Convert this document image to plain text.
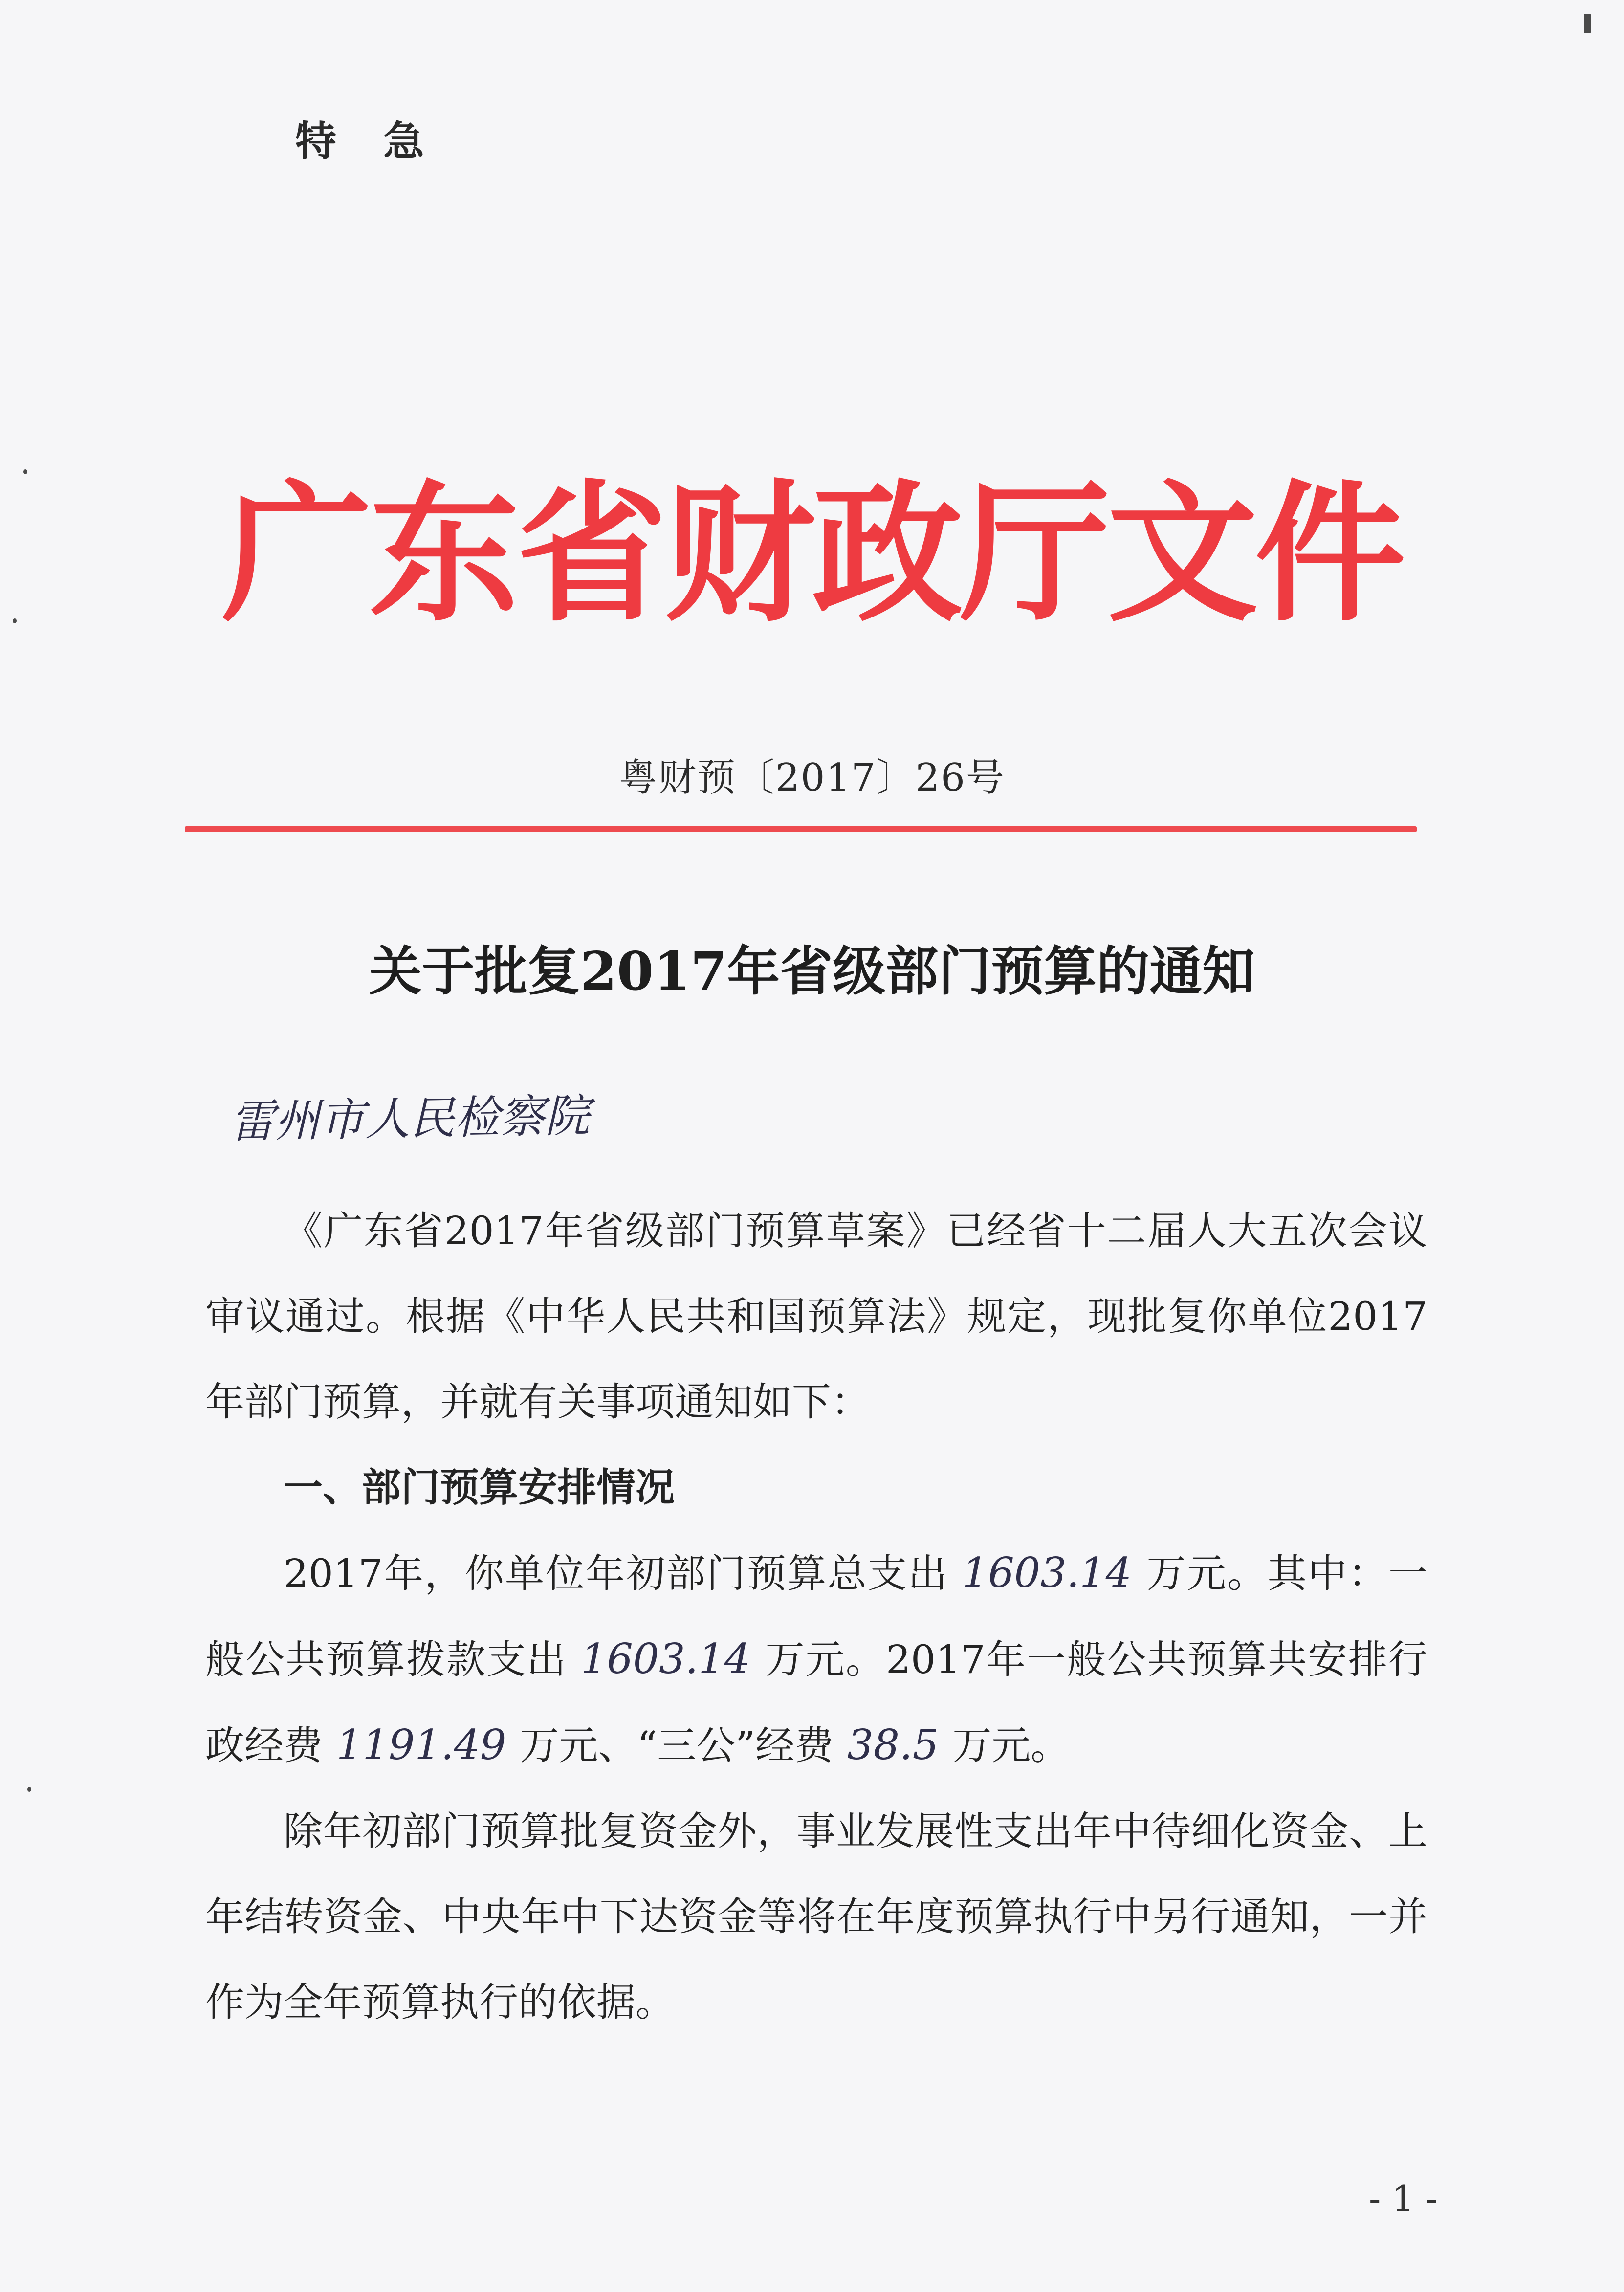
特急
广东省财政厅文件
粤财预〔2017〕26号
关于批复2017年省级部门预算的通知
雷州市人民检察院

《广东省2017年省级部门预算草案》已经省十二届人大五次会议审议通过。根据《中华人民共和国预算法》规定，现批复你单位2017年部门预算，并就有关事项通知如下：

一、部门预算安排情况

2017年，你单位年初部门预算总支出 1603.14 万元。其中：一般公共预算拨款支出 1603.14 万元。2017年一般公共预算共安排行政经费 1191.49 万元、“三公”经费 38.5 万元。

除年初部门预算批复资金外，事业发展性支出年中待细化资金、上年结转资金、中央年中下达资金等将在年度预算执行中另行通知，一并作为全年预算执行的依据。

- 1 -
